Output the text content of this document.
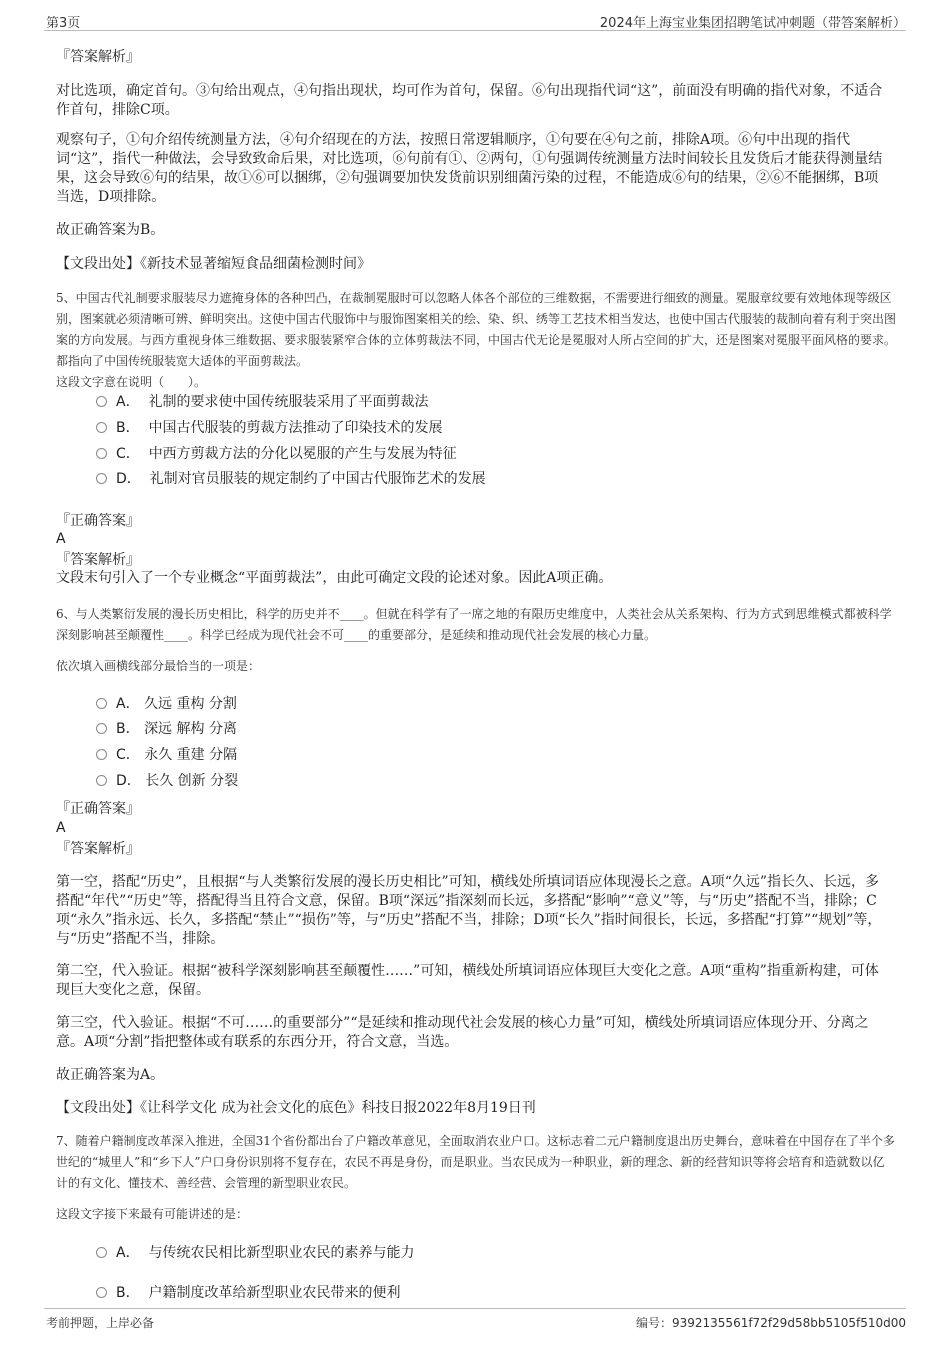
第3页	2024年上海宝业集团招聘笔试冲刺题（带答案解析）
『答案解析』
对比选项，确定首句。③句给出观点，④句指出现状，均可作为首句，保留。⑥句出现指代词“这”，前面没有明确的指代对象，不适合作首句，排除C项。
观察句子，①句介绍传统测量方法，④句介绍现在的方法，按照日常逻辑顺序，①句要在④句之前，排除A项。⑥句中出现的指代词“这”，指代一种做法，会导致致命后果，对比选项，⑥句前有①、②两句，①句强调传统测量方法时间较长且发货后才能获得测量结果，这会导致⑥句的结果，故①⑥可以捆绑，②句强调要加快发货前识别细菌污染的过程，不能造成⑥句的结果，②⑥不能捆绑，B项当选，D项排除。
故正确答案为B。
【文段出处】《新技术显著缩短食品细菌检测时间》
5、中国古代礼制要求服装尽力遮掩身体的各种凹凸，在裁制冕服时可以忽略人体各个部位的三维数据，不需要进行细致的测量。冕服章纹要有效地体现等级区别，图案就必须清晰可辨、鲜明突出。这使中国古代服饰中与服饰图案相关的绘、染、织、绣等工艺技术相当发达，也使中国古代服装的裁制向着有利于突出图案的方向发展。与西方重视身体三维数据、要求服装紧窄合体的立体剪裁法不同，中国古代无论是冕服对人所占空间的扩大，还是图案对冕服平面风格的要求。都指向了中国传统服装宽大适体的平面剪裁法。
这段文字意在说明（　　）。
A． 礼制的要求使中国传统服装采用了平面剪裁法
B． 中国古代服装的剪裁方法推动了印染技术的发展
C． 中西方剪裁方法的分化以冕服的产生与发展为特征
D． 礼制对官员服装的规定制约了中国古代服饰艺术的发展
『正确答案』
A
『答案解析』
文段末句引入了一个专业概念“平面剪裁法”，由此可确定文段的论述对象。因此A项正确。
6、与人类繁衍发展的漫长历史相比，科学的历史并不____。但就在科学有了一席之地的有限历史维度中，人类社会从关系架构、行为方式到思维模式都被科学深刻影响甚至颠覆性____。科学已经成为现代社会不可____的重要部分，是延续和推动现代社会发展的核心力量。
依次填入画横线部分最恰当的一项是：
A． 久远 重构 分割
B． 深远 解构 分离
C． 永久 重建 分隔
D． 长久 创新 分裂
『正确答案』
A
『答案解析』
第一空，搭配“历史”，且根据“与人类繁衍发展的漫长历史相比”可知，横线处所填词语应体现漫长之意。A项“久远”指长久、长远，多搭配“年代”“历史”等，搭配得当且符合文意，保留。B项“深远”指深刻而长远，多搭配“影响”“意义”等，与“历史”搭配不当，排除；C项“永久”指永远、长久，多搭配“禁止”“损伤”等，与“历史”搭配不当，排除；D项“长久”指时间很长，长远，多搭配“打算”“规划”等，与“历史”搭配不当，排除。
第二空，代入验证。根据“被科学深刻影响甚至颠覆性……”可知，横线处所填词语应体现巨大变化之意。A项“重构”指重新构建，可体现巨大变化之意，保留。
第三空，代入验证。根据“不可……的重要部分”“是延续和推动现代社会发展的核心力量”可知，横线处所填词语应体现分开、分离之意。A项“分割”指把整体或有联系的东西分开，符合文意，当选。
故正确答案为A。
【文段出处】《让科学文化 成为社会文化的底色》科技日报2022年8月19日刊
7、随着户籍制度改革深入推进，全国31个省份都出台了户籍改革意见，全面取消农业户口。这标志着二元户籍制度退出历史舞台，意味着在中国存在了半个多世纪的“城里人”和“乡下人”户口身份识别将不复存在，农民不再是身份，而是职业。当农民成为一种职业，新的理念、新的经营知识等将会培育和造就数以亿计的有文化、懂技术、善经营、会管理的新型职业农民。
这段文字接下来最有可能讲述的是：
A． 与传统农民相比新型职业农民的素养与能力
B． 户籍制度改革给新型职业农民带来的便利
考前押题，上岸必备	编号：9392135561f72f29d58bb5105f510d00
